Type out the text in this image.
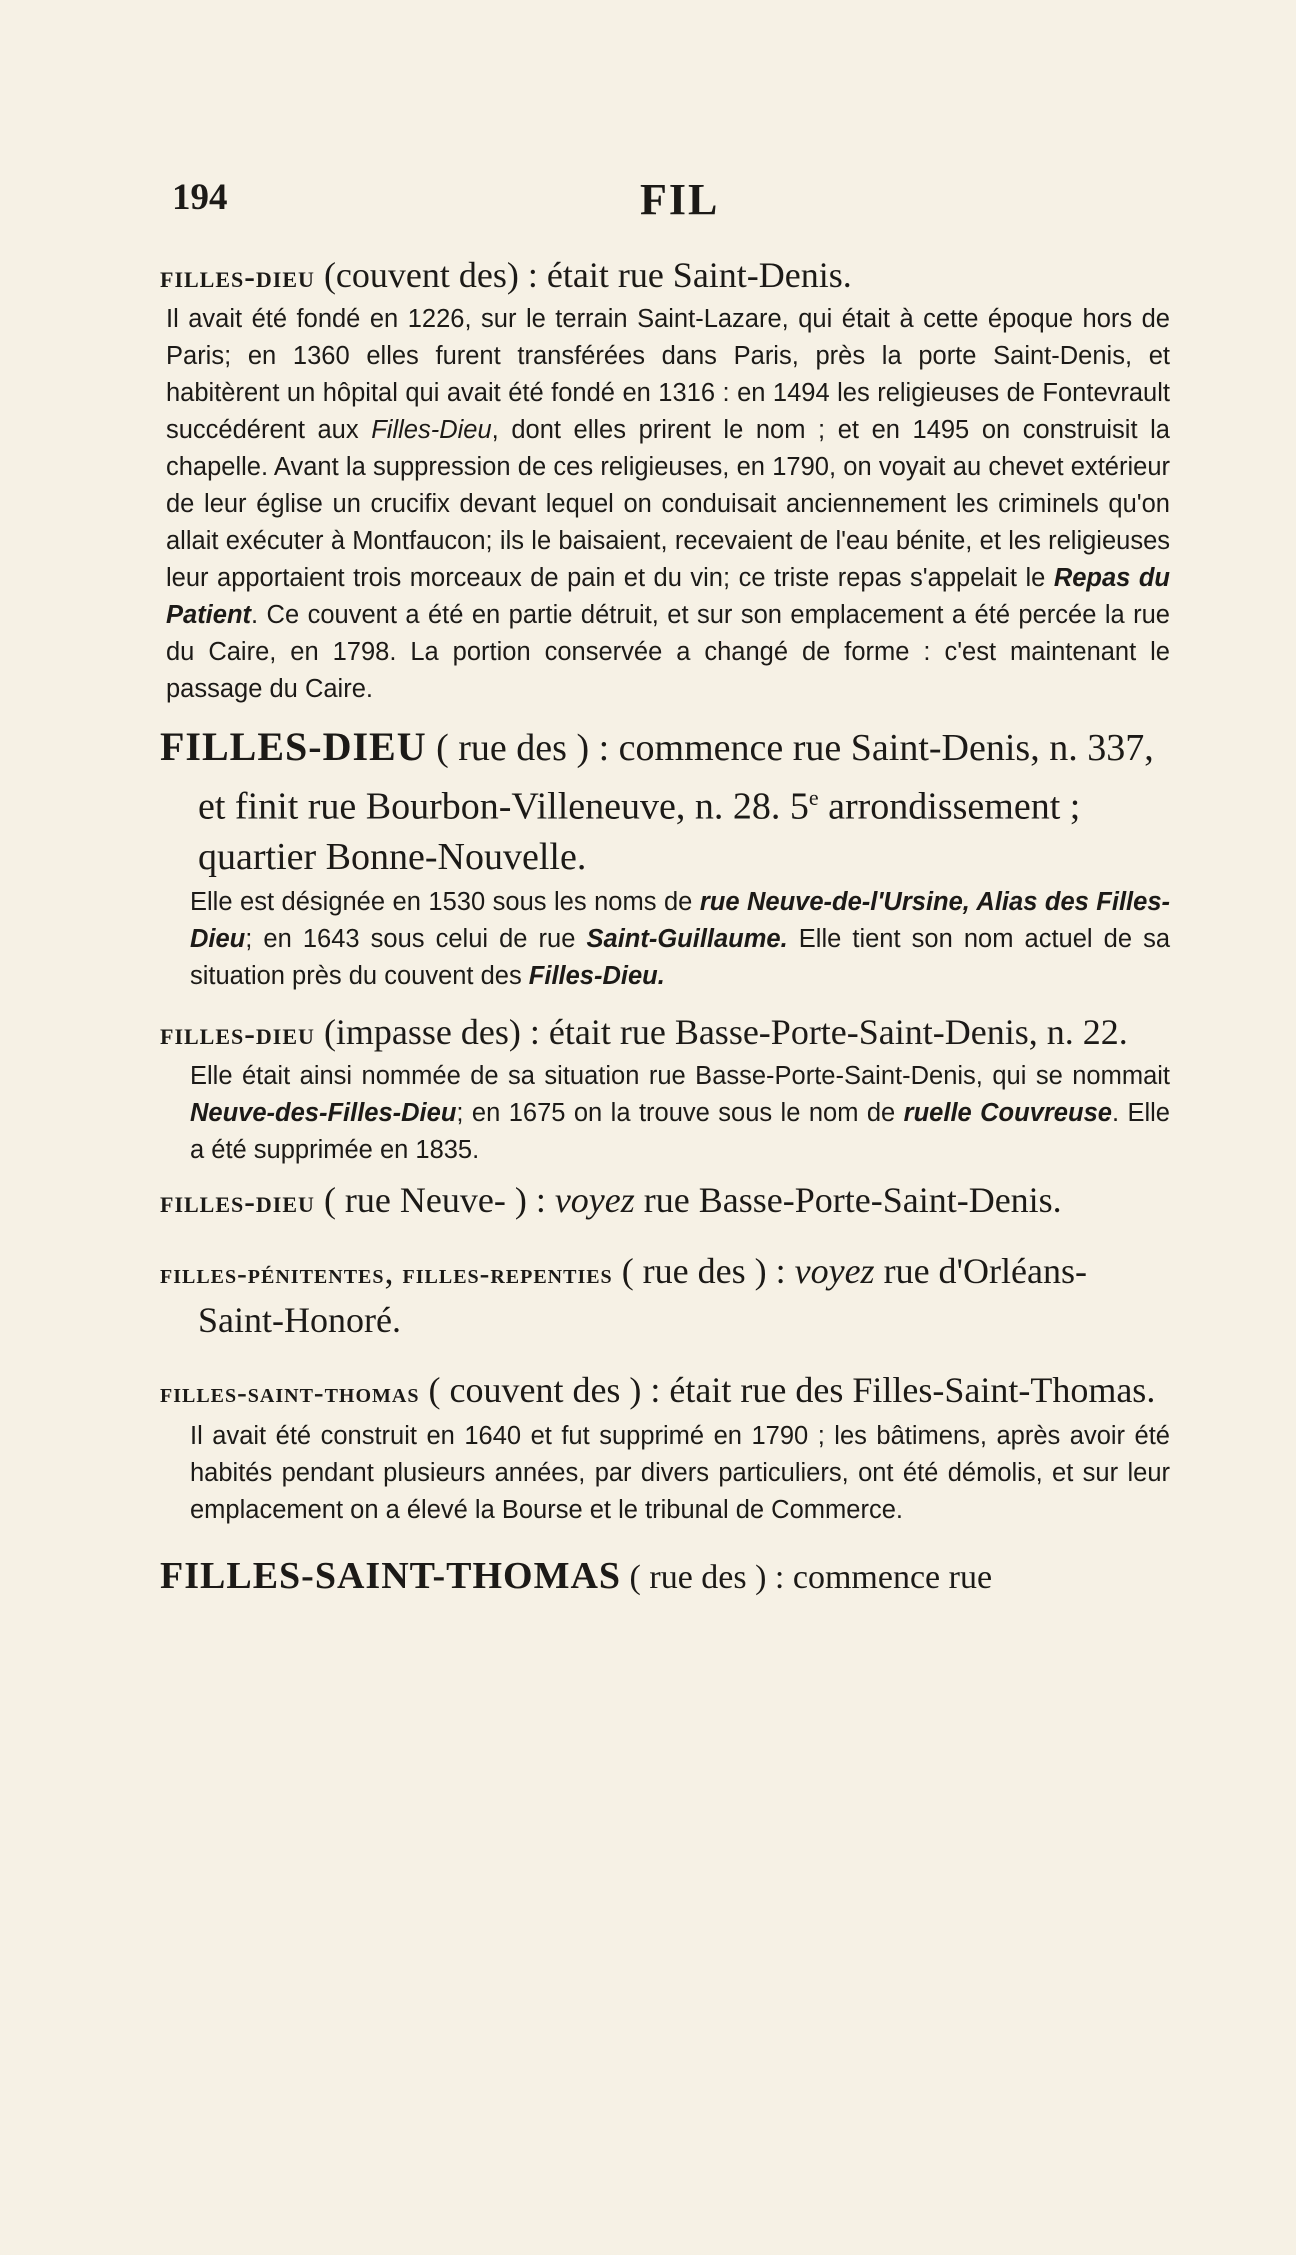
194	FIL
filles-dieu (couvent des) : était rue Saint-Denis.

Il avait été fondé en 1226, sur le terrain Saint-Lazare, qui était à cette époque hors de Paris; en 1360 elles furent transférées dans Paris, près la porte Saint-Denis, et habitèrent un hôpital qui avait été fondé en 1316 : en 1494 les religieuses de Fontevrault succédérent aux Filles-Dieu, dont elles prirent le nom ; et en 1495 on construisit la chapelle. Avant la suppression de ces religieuses, en 1790, on voyait au chevet extérieur de leur église un crucifix devant lequel on conduisait anciennement les criminels qu'on allait exécuter à Montfaucon; ils le baisaient, recevaient de l'eau bénite, et les religieuses leur apportaient trois morceaux de pain et du vin; ce triste repas s'appelait le Repas du Patient. Ce couvent a été en partie détruit, et sur son emplacement a été percée la rue du Caire, en 1798. La portion conservée a changé de forme : c'est maintenant le passage du Caire.

FILLES-DIEU ( rue des ) : commence rue Saint-Denis, n. 337, et finit rue Bourbon-Villeneuve, n. 28. 5e arrondissement ; quartier Bonne-Nouvelle.

Elle est désignée en 1530 sous les noms de rue Neuve-de-l'Ursine, Alias des Filles-Dieu; en 1643 sous celui de rue Saint-Guillaume. Elle tient son nom actuel de sa situation près du couvent des Filles-Dieu.

filles-dieu (impasse des) : était rue Basse-Porte-Saint-Denis, n. 22.

Elle était ainsi nommée de sa situation rue Basse-Porte-Saint-Denis, qui se nommait Neuve-des-Filles-Dieu; en 1675 on la trouve sous le nom de ruelle Couvreuse. Elle a été supprimée en 1835.

filles-dieu ( rue Neuve- ) : voyez rue Basse-Porte-Saint-Denis.
filles-pénitentes, filles-repenties ( rue des ) : voyez rue d'Orléans-Saint-Honoré.
filles-saint-thomas ( couvent des ) : était rue des Filles-Saint-Thomas.

Il avait été construit en 1640 et fut supprimé en 1790 ; les bâtimens, après avoir été habités pendant plusieurs années, par divers particuliers, ont été démolis, et sur leur emplacement on a élevé la Bourse et le tribunal de Commerce.

FILLES-SAINT-THOMAS ( rue des ) : commence rue
